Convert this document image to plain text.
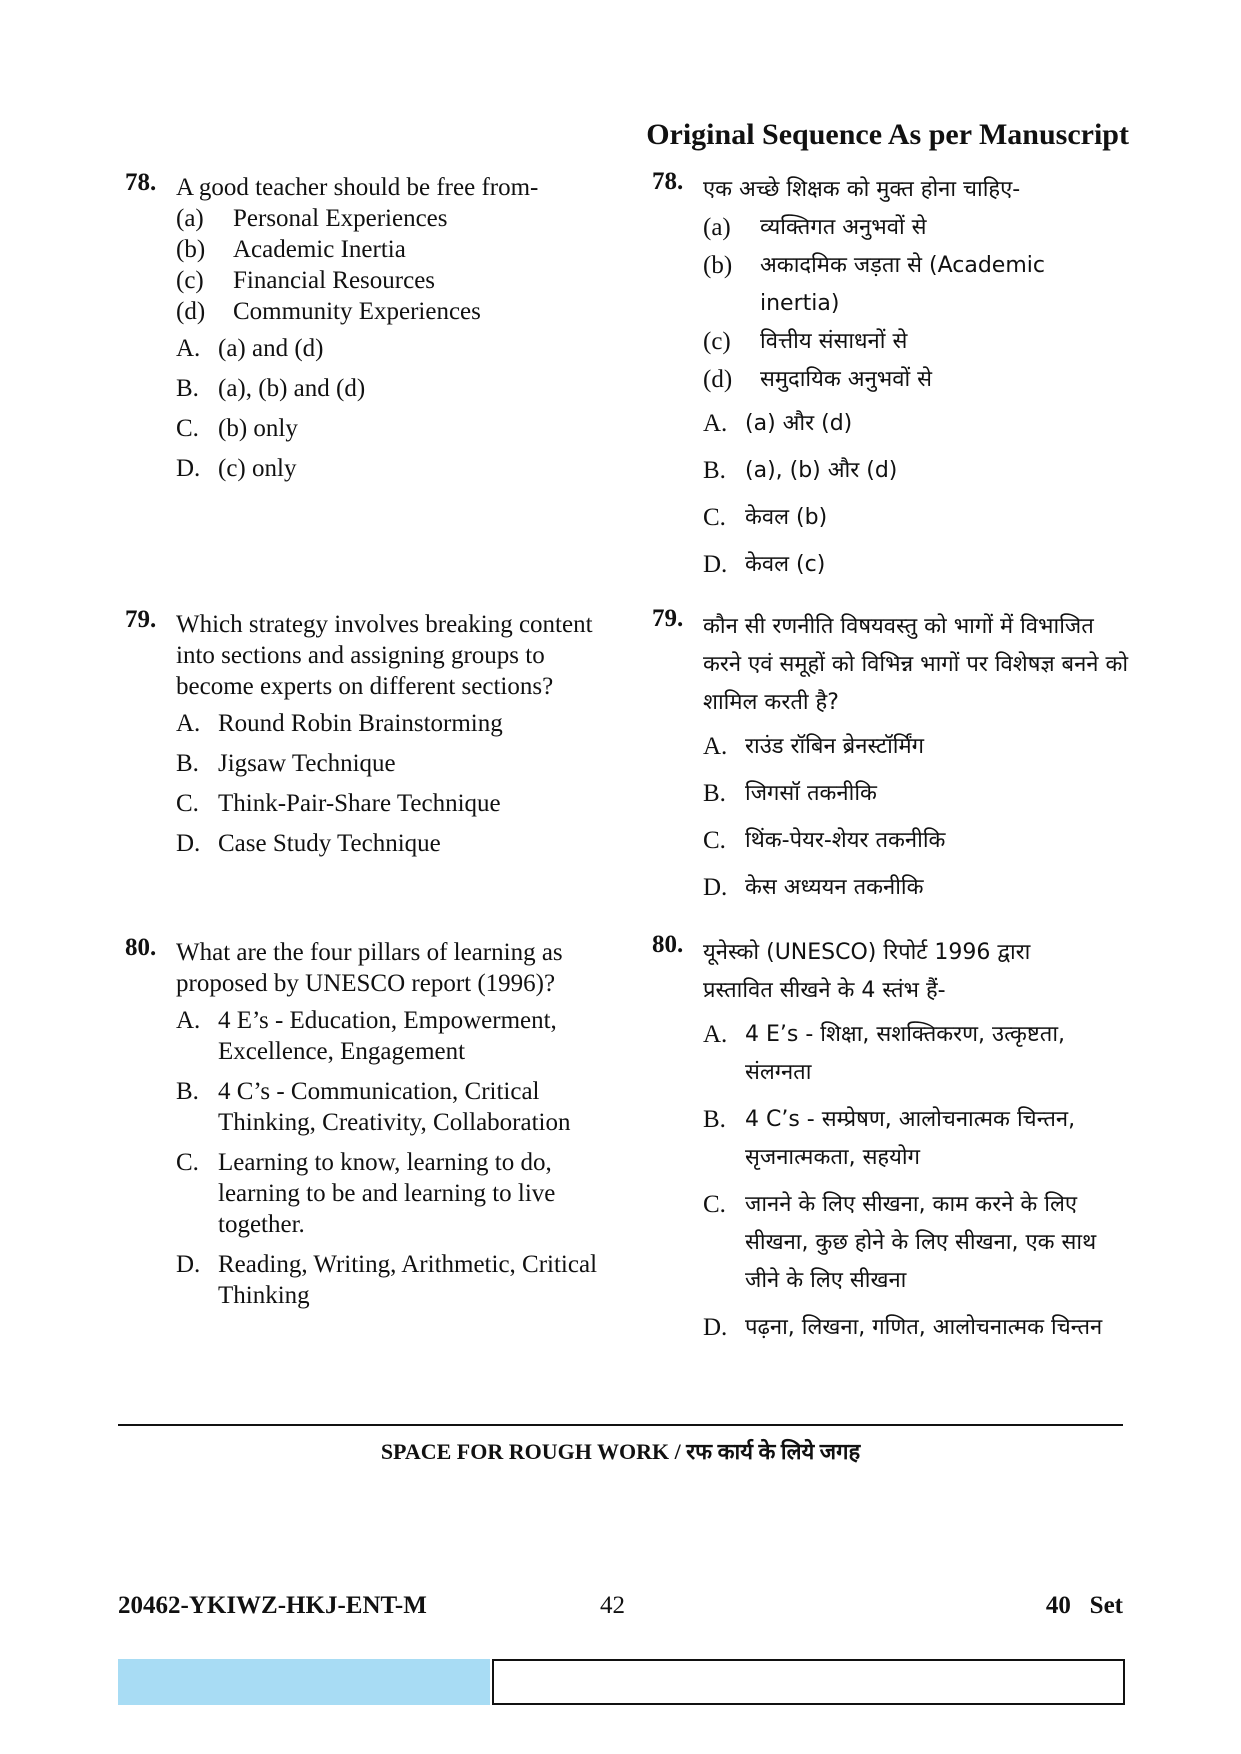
Original Sequence As per Manuscript
78. A good teacher should be free from-
(a)	Personal Experiences
(b)	Academic Inertia
(c)	Financial Resources
(d)	Community Experiences
A. (a) and (d)
B. (a), (b) and (d)
C. (b) only
D. (c) only
79. Which strategy involves breaking content into sections and assigning groups to become experts on different sections?
A. Round Robin Brainstorming
B. Jigsaw Technique
C. Think-Pair-Share Technique
D. Case Study Technique
80. What are the four pillars of learning as proposed by UNESCO report (1996)?
A. 4 E’s - Education, Empowerment, Excellence, Engagement
B. 4 C’s - Communication, Critical Thinking, Creativity, Collaboration
C. Learning to know, learning to do, learning to be and learning to live together.
D. Reading, Writing, Arithmetic, Critical Thinking
78. एक अच्छे शिक्षक को मुक्त होना चाहिए-
(a)	व्यक्तिगत अनुभवों से
(b)	अकादमिक जड़ता से (Academic inertia)
(c)	वित्तीय संसाधनों से
(d)	समुदायिक अनुभवों से
A. (a) और (d)
B. (a), (b) और (d)
C. केवल (b)
D. केवल (c)
79. कौन सी रणनीति विषयवस्तु को भागों में विभाजित करने एवं समूहों को विभिन्न भागों पर विशेषज्ञ बनने को शामिल करती है?
A. राउंड रॉबिन ब्रेनस्टॉर्मिंग
B. जिगसॉ तकनीकि
C. थिंक-पेयर-शेयर तकनीकि
D. केस अध्ययन तकनीकि
80. यूनेस्को (UNESCO) रिपोर्ट 1996 द्वारा प्रस्तावित सीखने के 4 स्तंभ हैं-
A. 4 E’s - शिक्षा, सशक्तिकरण, उत्कृष्टता, संलग्नता
B. 4 C’s - सम्प्रेषण, आलोचनात्मक चिन्तन, सृजनात्मकता, सहयोग
C. जानने के लिए सीखना, काम करने के लिए सीखना, कुछ होने के लिए सीखना, एक साथ जीने के लिए सीखना
D. पढ़ना, लिखना, गणित, आलोचनात्मक चिन्तन
SPACE FOR ROUGH WORK / रफ कार्य के लिये जगह
20462-YKIWZ-HKJ-ENT-M	42	40   Set
